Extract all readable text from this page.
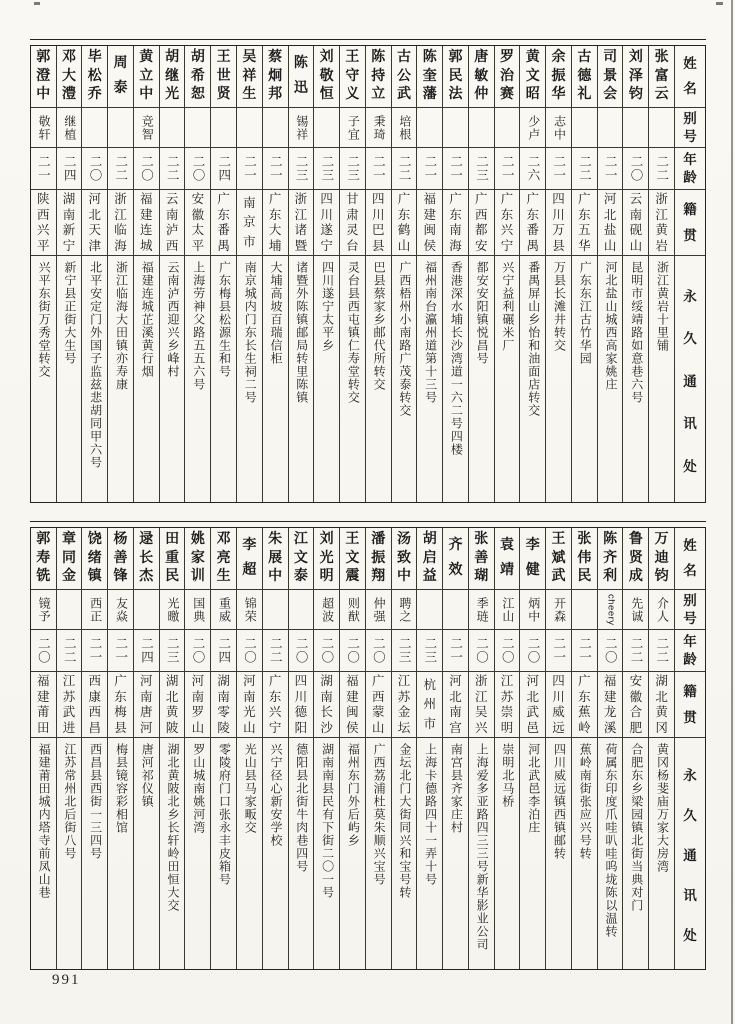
姓
名
别
号
年
龄
籍
贯
永
久
通
讯
处
张
富
云
二二
浙
江
黄
岩
浙江黄岩十里铺
刘
泽
钧
二〇
云
南
砚
山
昆明市绥靖路如意巷六号
司
景
会
二一
河
北
盐
山
河北盐山城西高家姚庄
古
德
礼
二二
广
东
五
华
广东东江古竹华园
余
振
华
志中
二一
四
川
万
县
万县长滩井转交
黄
文
昭
少卢
二六
广
东
番
禺
番禺屏山乡怡和油面店转交
罗
治
赛
二一
广
东
兴
宁
兴宁益利碾米厂
唐
敏
仲
二三
广
西
都
安
都安安阳镇悦昌号
郭
民
法
二一
广
东
南
海
香港深水埔长沙湾道一六二号四楼
陈
奎
藩
二一
福
建
闽
侯
福州南台瀛州道第十三号
古
公
武
培根
二二
广
东
鹤
山
广西梧州小南路广茂泰转交
陈
持
立
秉琦
二一
四
川
巴
县
巴县蔡家乡邮代所转交
王
守
义
子宜
二三
甘
肃
灵
台
灵台县西屯镇仁寿堂转交
刘
敬
恒
二三
四
川
遂
宁
四川遂宁太平乡
陈
迅
锡祥
二三
浙
江
诸
暨
诸暨外陈镇邮局转里陈镇
蔡
炯
邦
二一
广
东
大
埔
大埔高坡百瑞信柜
吴
祥
生
二一
南
京
市
南京城内门东长生祠二号
王
世
贤
二四
广
东
番
禺
广东梅县松源生和号
胡
希
恕
二〇
安
徽
太
平
上海劳神父路五五六号
胡
继
光
二二
云
南
泸
西
云南泸西迎兴乡峰村
黄
立
中
竞智
二〇
福
建
连
城
福建连城芷溪黄行烟
周
泰
二二
浙
江
临
海
浙江临海大田镇亦寿康
毕
松
乔
二〇
河
北
天
津
北平安定门外国子监兹悲胡同甲六号
邓
大
澧
继植
二四
湖
南
新
宁
新宁县正街大生号
郭
澄
中
敬轩
二一
陕
西
兴
平
兴平东街万秀堂转交
姓
名
别
号
年
龄
籍
贯
永
久
通
讯
处
万
迪
钧
介人
二二
湖
北
黄
冈
黄冈杨斐庙万家大房湾
鲁
贤
成
先诚
二二
安
徽
合
肥
合肥东乡梁园镇北街当典对门
陈
齐
利
cheery
二〇
福
建
龙
溪
荷属东印度爪哇叭哇呜垅陈以温转
张
伟
民
二一
广
东
蕉
岭
蕉岭南街张应兴号转
王
斌
武
开森
二一
四
川
威
远
四川威远镇西镇邮转
李
健
炳中
二〇
河
北
武
邑
河北武邑李泊庄
袁
靖
江山
二〇
江
苏
崇
明
崇明北马桥
张
善
瑚
季琏
二〇
浙
江
吴
兴
上海爱多亚路四三三号新华影业公司
齐
效
二一
河
北
南
宫
南宫县齐家庄村
胡
启
益
二三
杭
州
市
上海卡德路四十一弄十号
汤
致
中
聘之
二三
江
苏
金
坛
金坛北门大街同兴和宝号转
潘
振
翔
仲强
二〇
广
西
蒙
山
广西荔浦杜莫朱顺兴宝号
王
文
震
则猷
二〇
福
建
闽
侯
福州东门外后屿乡
刘
光
明
超波
二〇
湖
南
长
沙
湖南南县民有下街二〇一号
江
文
泰
二〇
四
川
德
阳
德阳县北街牛肉巷四号
朱
展
中
二二
广
东
兴
宁
兴宁径心新安学校
李
超
锦荣
二〇
河
南
光
山
光山县马家畈交
邓
亮
生
重威
二四
湖
南
零
陵
零陵府门口张永丰皮箱号
姚
家
训
国典
二〇
河
南
罗
山
罗山城南姚河湾
田
重
民
光曒
二三
湖
北
黄
陂
湖北黄陂北乡长轩岭田恒大交
逯
长
杰
二四
河
南
唐
河
唐河祁仪镇
杨
善
锋
友焱
二一
广
东
梅
县
梅县镜容彩相馆
饶
绪
镇
西正
二一
西
康
西
昌
西昌县西街一三四号
章
同
金
二二
江
苏
武
进
江苏常州北后街八号
郭
寿
铣
镜予
二〇
福
建
莆
田
福建莆田城内塔寺前凤山巷
991
